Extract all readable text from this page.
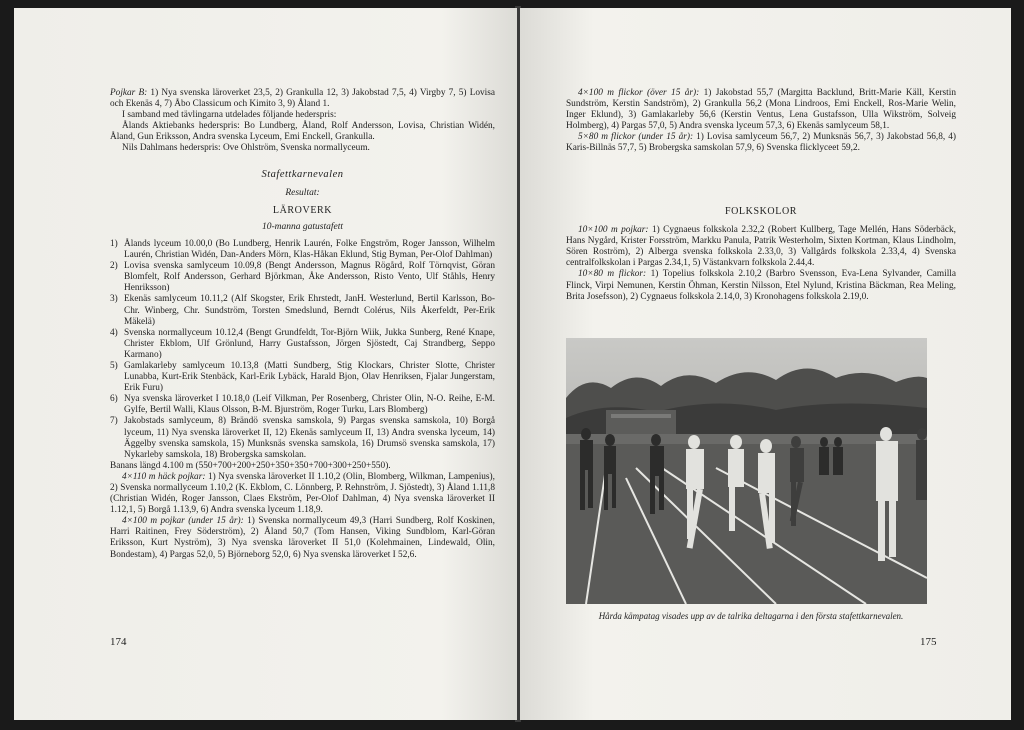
Pojkar B: 1) Nya svenska läroverket 23,5, 2) Grankulla 12, 3) Jakobstad 7,5, 4) Virgby 7, 5) Lovisa och Ekenäs 4, 7) Åbo Classicum och Kimito 3, 9) Åland 1.

I samband med tävlingarna utdelades följande hederspris:

Ålands Aktiebanks hederspris: Bo Lundberg, Åland, Rolf Andersson, Lovisa, Christian Widén, Åland, Gun Eriksson, Andra svenska Lyceum, Emi Enckell, Grankulla.

Nils Dahlmans hederspris: Ove Ohlström, Svenska normallyceum.

Stafettkarnevalen

Resultat:

LÄROVERK

10-manna gatustafett

1) Ålands lyceum 10.00,0 (Bo Lundberg, Henrik Laurén, Folke Engström, Roger Jansson, Wilhelm Laurén, Christian Widén, Dan-Anders Mörn, Klas-Håkan Eklund, Stig Byman, Per-Olof Dahlman)
2) Lovisa svenska samlyceum 10.09,8 (Bengt Andersson, Magnus Rögård, Rolf Törnqvist, Göran Blomfelt, Rolf Andersson, Gerhard Björkman, Åke Andersson, Risto Vento, Ulf Ståhls, Henry Henriksson)
3) Ekenäs samlyceum 10.11,2 (Alf Skogster, Erik Ehrstedt, JanH. Westerlund, Bertil Karlsson, Bo-Chr. Winberg, Chr. Sundström, Torsten Smedslund, Berndt Colérus, Nils Åkerfeldt, Per-Erik Mäkelä)
4) Svenska normallyceum 10.12,4 (Bengt Grundfeldt, Tor-Björn Wiik, Jukka Sunberg, René Knape, Christer Ekblom, Ulf Grönlund, Harry Gustafsson, Jörgen Sjöstedt, Caj Strandberg, Seppo Karmano)
5) Gamlakarleby samlyceum 10.13,8 (Matti Sundberg, Stig Klockars, Christer Slotte, Christer Lunabba, Kurt-Erik Stenbäck, Karl-Erik Lybäck, Harald Bjon, Olav Henriksen, Fjalar Jungerstam, Erik Furu)
6) Nya svenska läroverket I 10.18,0 (Leif Vilkman, Per Rosenberg, Christer Olin, N-O. Reihe, E-M. Gylfe, Bertil Walli, Klaus Olsson, B-M. Bjurström, Roger Turku, Lars Blomberg)
7) Jakobstads samlyceum, 8) Brändö svenska samskola, 9) Pargas svenska samskola, 10) Borgå lyceum, 11) Nya svenska läroverket II, 12) Ekenäs samlyceum II, 13) Andra svenska lyceum, 14) Äggelby svenska samskola, 15) Munksnäs svenska samskola, 16) Drumsö svenska samskola, 17) Nykarleby samskola, 18) Brobergska samskolan.

Banans längd 4.100 m (550+700+200+250+350+350+700+300+250+550).

4×110 m häck pojkar: 1) Nya svenska läroverket II 1.10,2 (Olin, Blomberg, Wilkman, Lampenius), 2) Svenska normallyceum 1.10,2 (K. Ekblom, C. Lönnberg, P. Rehnström, J. Sjöstedt), 3) Åland 1.11,8 (Christian Widén, Roger Jansson, Claes Ekström, Per-Olof Dahlman, 4) Nya svenska läroverket II 1.12,1, 5) Borgå 1.13,9, 6) Andra svenska lyceum 1.18,9.

4×100 m pojkar (under 15 år): 1) Svenska normallyceum 49,3 (Harri Sundberg, Rolf Koskinen, Harri Raitinen, Frey Söderström), 2) Åland 50,7 (Tom Hansen, Viking Sundblom, Karl-Göran Eriksson, Kurt Nyström), 3) Nya svenska läroverket II 51,0 (Kolehmainen, Lindewald, Olin, Bondestam), 4) Pargas 52,0, 5) Björneborg 52,0, 6) Nya svenska läroverket I 52,6.

174

4×100 m flickor (över 15 år): 1) Jakobstad 55,7 (Margitta Backlund, Britt-Marie Käll, Kerstin Sundström, Kerstin Sandström), 2) Grankulla 56,2 (Mona Lindroos, Emi Enckell, Ros-Marie Welin, Inger Eklund), 3) Gamlakarleby 56,6 (Kerstin Ventus, Lena Gustafsson, Ulla Wikström, Solveig Holmberg), 4) Pargas 57,0, 5) Andra svenska lyceum 57,3, 6) Ekenäs samlyceum 58,1.

5×80 m flickor (under 15 år): 1) Lovisa samlyceum 56,7, 2) Munksnäs 56,7, 3) Jakobstad 56,8, 4) Karis-Billnäs 57,7, 5) Brobergska samskolan 57,9, 6) Svenska flicklyceet 59,2.

FOLKSKOLOR

10×100 m pojkar: 1) Cygnaeus folkskola 2.32,2 (Robert Kullberg, Tage Mellén, Hans Söderbäck, Hans Nygård, Krister Forsström, Markku Panula, Patrik Westerholm, Sixten Kortman, Klaus Lindholm, Sören Roström), 2) Alberga svenska folkskola 2.33,0, 3) Vallgårds folkskola 2.33,4, 4) Svenska centralfolkskolan i Pargas 2.34,1, 5) Västankvarn folkskola 2.44,4.

10×80 m flickor: 1) Topelius folkskola 2.10,2 (Barbro Svensson, Eva-Lena Sylvander, Camilla Flinck, Virpi Nemunen, Kerstin Öhman, Kerstin Nilsson, Etel Nylund, Kristina Bäckman, Rea Meling, Brita Josefsson), 2) Cygnaeus folkskola 2.14,0, 3) Kronohagens folkskola 2.19,0.

Hårda kämpatag visades upp av de talrika deltagarna i den första stafettkarnevalen.
175
